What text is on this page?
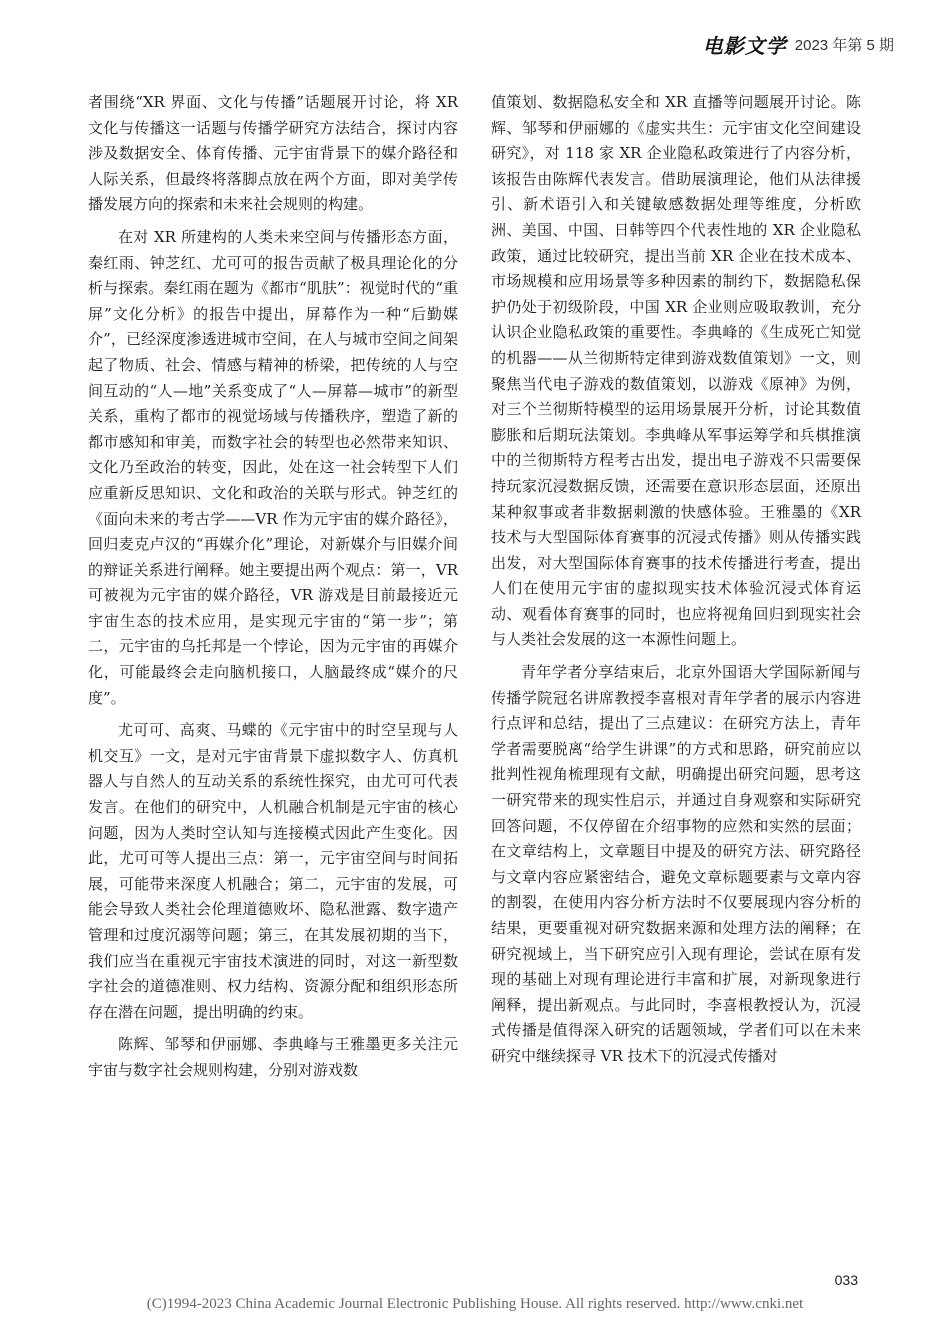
电影文学 2023 年第 5 期

者围绕“XR 界面、文化与传播”话题展开讨论，将 XR 文化与传播这一话题与传播学研究方法结合，探讨内容涉及数据安全、体育传播、元宇宙背景下的媒介路径和人际关系，但最终将落脚点放在两个方面，即对美学传播发展方向的探索和未来社会规则的构建。

在对 XR 所建构的人类未来空间与传播形态方面，秦红雨、钟芝红、尤可可的报告贡献了极具理论化的分析与探索。秦红雨在题为《都市“肌肤”：视觉时代的“重屏”文化分析》的报告中提出，屏幕作为一种“后勤媒介”，已经深度渗透进城市空间，在人与城市空间之间架起了物质、社会、情感与精神的桥梁，把传统的人与空间互动的“人—地”关系变成了“人—屏幕—城市”的新型关系，重构了都市的视觉场域与传播秩序，塑造了新的都市感知和审美，而数字社会的转型也必然带来知识、文化乃至政治的转变，因此，处在这一社会转型下人们应重新反思知识、文化和政治的关联与形式。钟芝红的《面向未来的考古学——VR 作为元宇宙的媒介路径》，回归麦克卢汉的“再媒介化”理论，对新媒介与旧媒介间的辩证关系进行阐释。她主要提出两个观点：第一，VR 可被视为元宇宙的媒介路径，VR 游戏是目前最接近元宇宙生态的技术应用，是实现元宇宙的“第一步”；第二，元宇宙的乌托邦是一个悖论，因为元宇宙的再媒介化，可能最终会走向脑机接口，人脑最终成“媒介的尺度”。

尤可可、高爽、马蝶的《元宇宙中的时空呈现与人机交互》一文，是对元宇宙背景下虚拟数字人、仿真机器人与自然人的互动关系的系统性探究，由尤可可代表发言。在他们的研究中，人机融合机制是元宇宙的核心问题，因为人类时空认知与连接模式因此产生变化。因此，尤可可等人提出三点：第一，元宇宙空间与时间拓展，可能带来深度人机融合；第二，元宇宙的发展，可能会导致人类社会伦理道德败坏、隐私泄露、数字遗产管理和过度沉溺等问题；第三，在其发展初期的当下，我们应当在重视元宇宙技术演进的同时，对这一新型数字社会的道德准则、权力结构、资源分配和组织形态所存在潜在问题，提出明确的约束。

陈辉、邹琴和伊丽娜、李典峰与王雅墨更多关注元宇宙与数字社会规则构建，分别对游戏数

值策划、数据隐私安全和 XR 直播等问题展开讨论。陈辉、邹琴和伊丽娜的《虚实共生：元宇宙文化空间建设研究》，对 118 家 XR 企业隐私政策进行了内容分析，该报告由陈辉代表发言。借助展演理论，他们从法律援引、新术语引入和关键敏感数据处理等维度，分析欧洲、美国、中国、日韩等四个代表性地的 XR 企业隐私政策，通过比较研究，提出当前 XR 企业在技术成本、市场规模和应用场景等多种因素的制约下，数据隐私保护仍处于初级阶段，中国 XR 企业则应吸取教训，充分认识企业隐私政策的重要性。李典峰的《生成死亡知觉的机器——从兰彻斯特定律到游戏数值策划》一文，则聚焦当代电子游戏的数值策划，以游戏《原神》为例，对三个兰彻斯特模型的运用场景展开分析，讨论其数值膨胀和后期玩法策划。李典峰从军事运筹学和兵棋推演中的兰彻斯特方程考古出发，提出电子游戏不只需要保持玩家沉浸数据反馈，还需要在意识形态层面，还原出某种叙事或者非数据刺激的快感体验。王雅墨的《XR 技术与大型国际体育赛事的沉浸式传播》则从传播实践出发，对大型国际体育赛事的技术传播进行考查，提出人们在使用元宇宙的虚拟现实技术体验沉浸式体育运动、观看体育赛事的同时，也应将视角回归到现实社会与人类社会发展的这一本源性问题上。

青年学者分享结束后，北京外国语大学国际新闻与传播学院冠名讲席教授李喜根对青年学者的展示内容进行点评和总结，提出了三点建议：在研究方法上，青年学者需要脱离“给学生讲课”的方式和思路，研究前应以批判性视角梳理现有文献，明确提出研究问题，思考这一研究带来的现实性启示，并通过自身观察和实际研究回答问题，不仅停留在介绍事物的应然和实然的层面；在文章结构上，文章题目中提及的研究方法、研究路径与文章内容应紧密结合，避免文章标题要素与文章内容的割裂，在使用内容分析方法时不仅要展现内容分析的结果，更要重视对研究数据来源和处理方法的阐释；在研究视域上，当下研究应引入现有理论，尝试在原有发现的基础上对现有理论进行丰富和扩展，对新现象进行阐释，提出新观点。与此同时，李喜根教授认为，沉浸式传播是值得深入研究的话题领域，学者们可以在未来研究中继续探寻 VR 技术下的沉浸式传播对

033
(C)1994-2023 China Academic Journal Electronic Publishing House. All rights reserved. http://www.cnki.net
